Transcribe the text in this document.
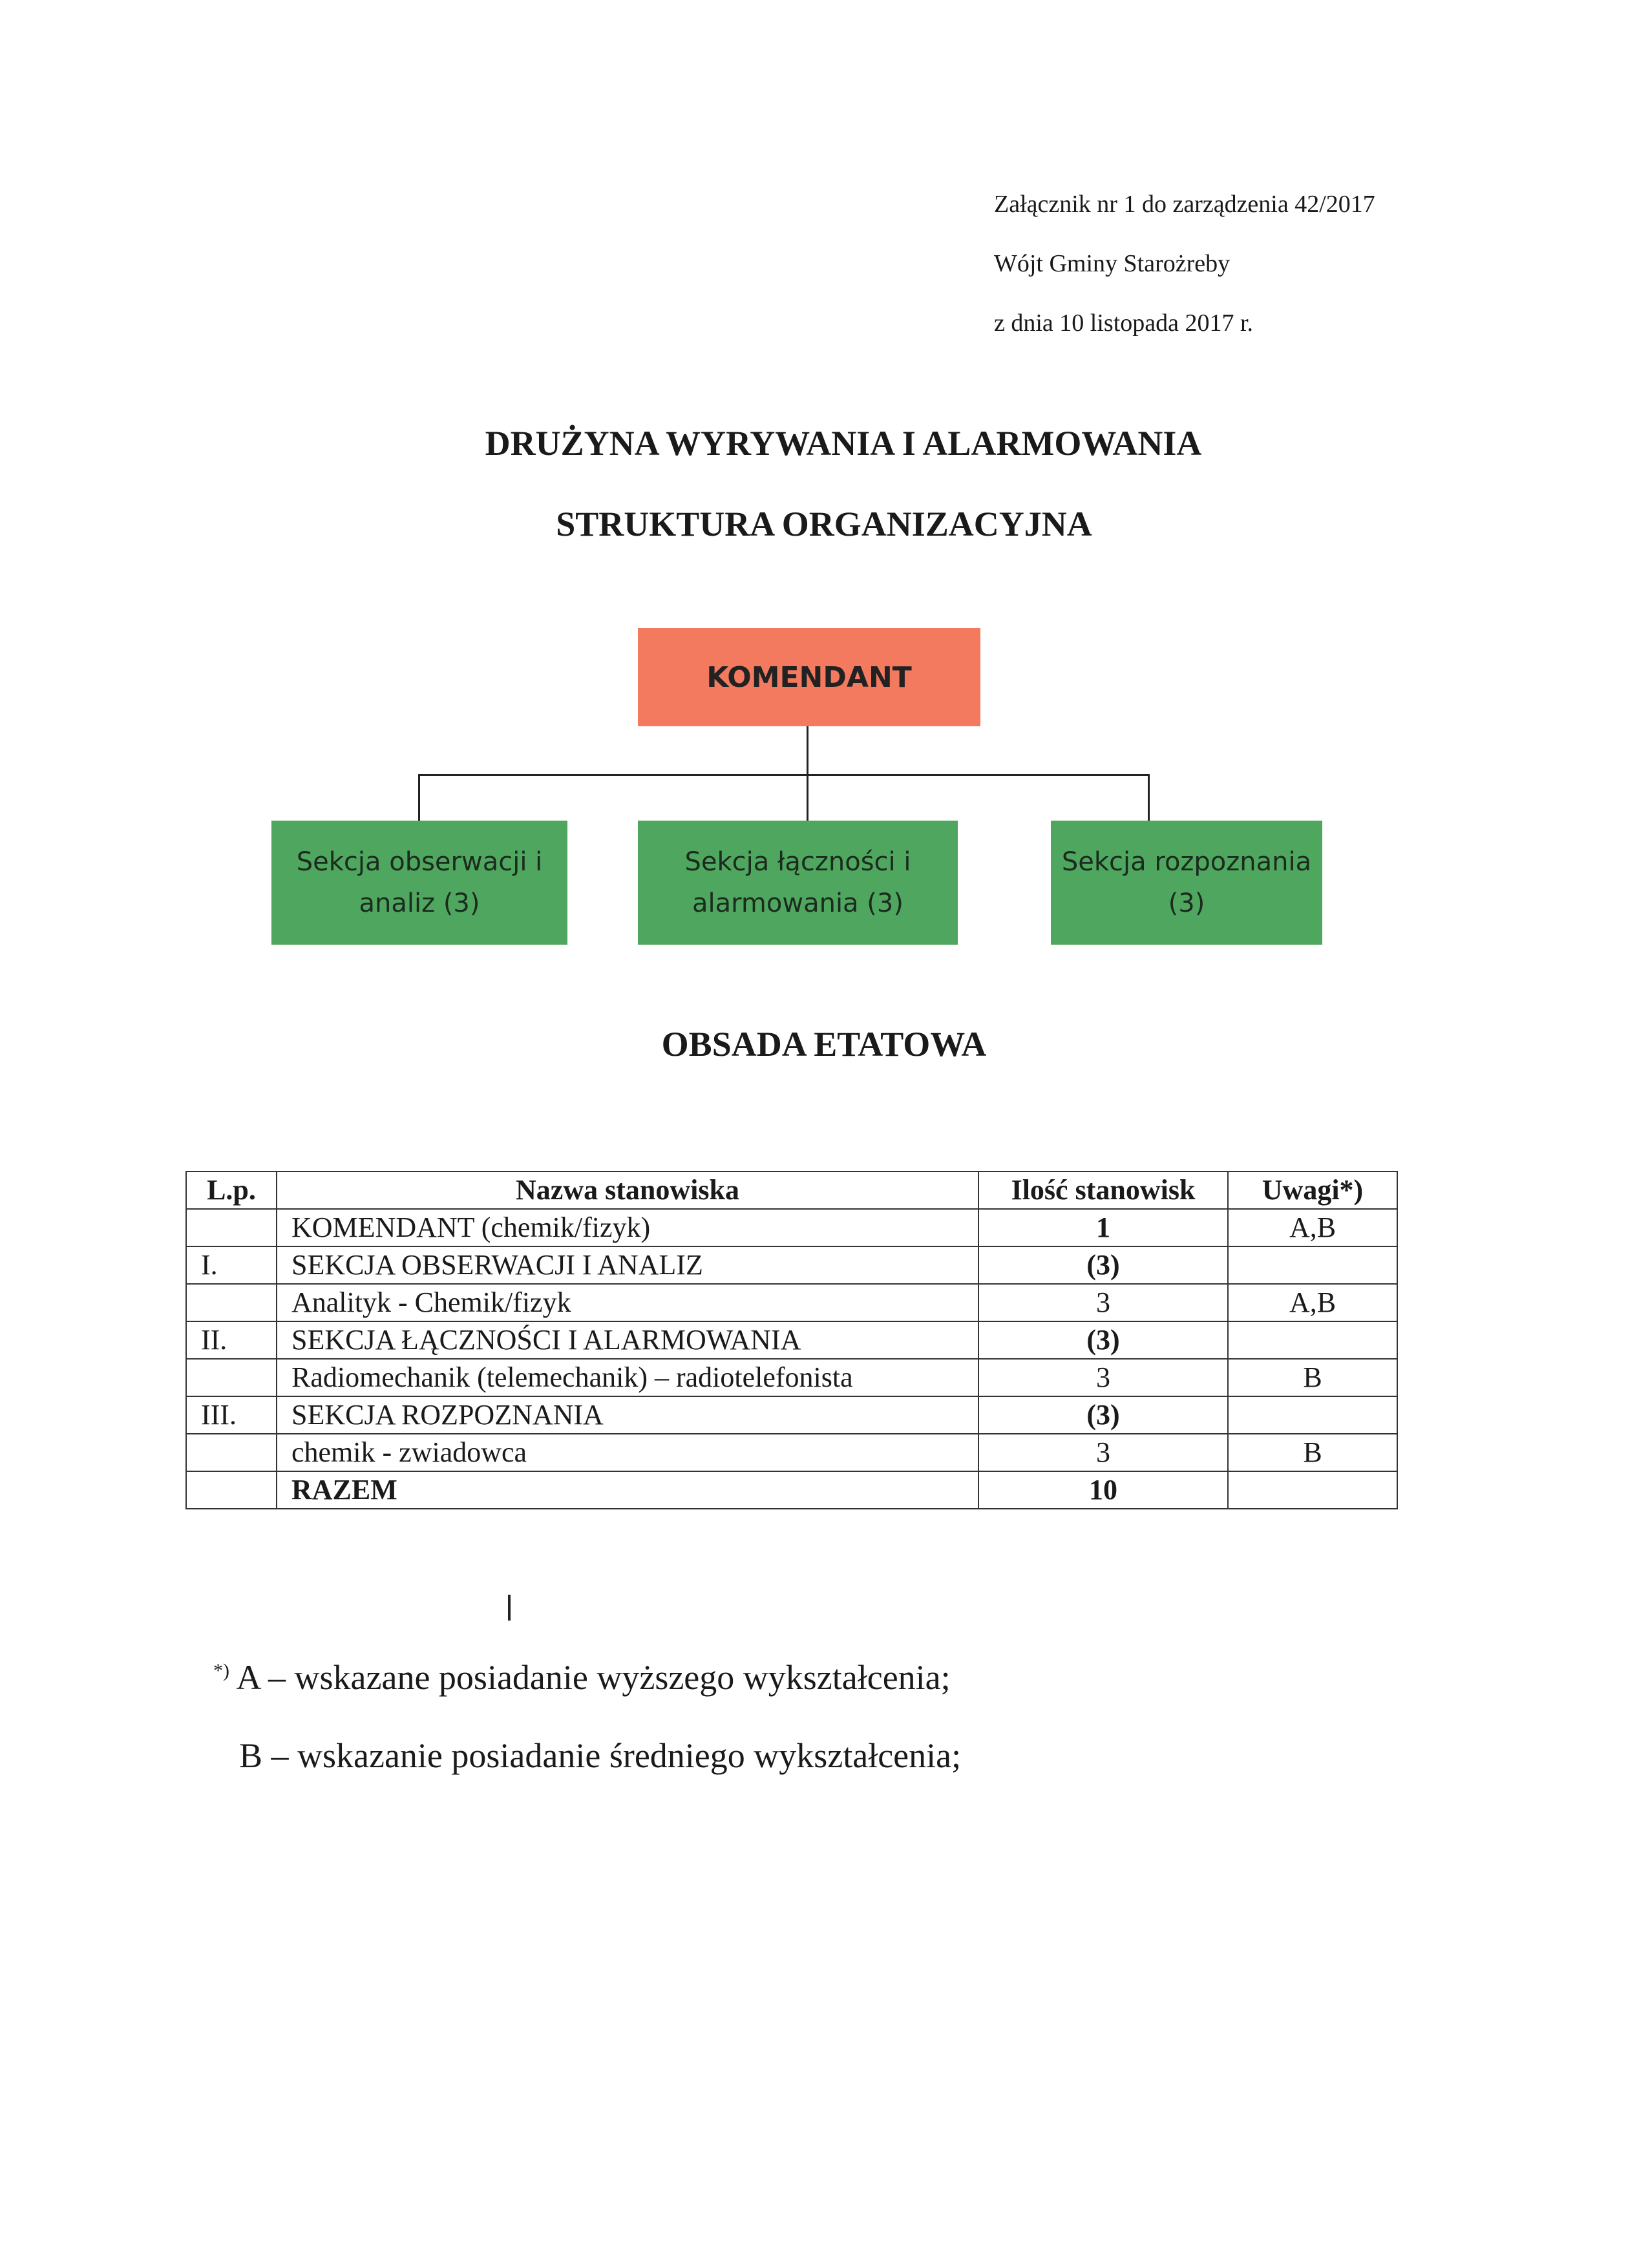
Załącznik nr 1 do zarządzenia 42/2017
Wójt Gminy Starożreby
z dnia 10 listopada 2017 r.
DRUŻYNA WYRYWANIA I ALARMOWANIA
STRUKTURA ORGANIZACYJNA
KOMENDANT
Sekcja obserwacji i analiz (3)
Sekcja łączności i alarmowania (3)
Sekcja rozpoznania (3)
OBSADA ETATOWA
L.p.	Nazwa stanowiska	Ilość stanowisk	Uwagi*)
	KOMENDANT (chemik/fizyk)	1	A,B
I.	SEKCJA OBSERWACJI I ANALIZ	(3)	
	Analityk - Chemik/fizyk	3	A,B
II.	SEKCJA ŁĄCZNOŚCI I ALARMOWANIA	(3)	
	Radiomechanik (telemechanik) – radiotelefonista	3	B
III.	SEKCJA ROZPOZNANIA	(3)	
	chemik - zwiadowca	3	B
	RAZEM	10	
*) A – wskazane posiadanie wyższego wykształcenia;
B – wskazanie posiadanie średniego wykształcenia;
